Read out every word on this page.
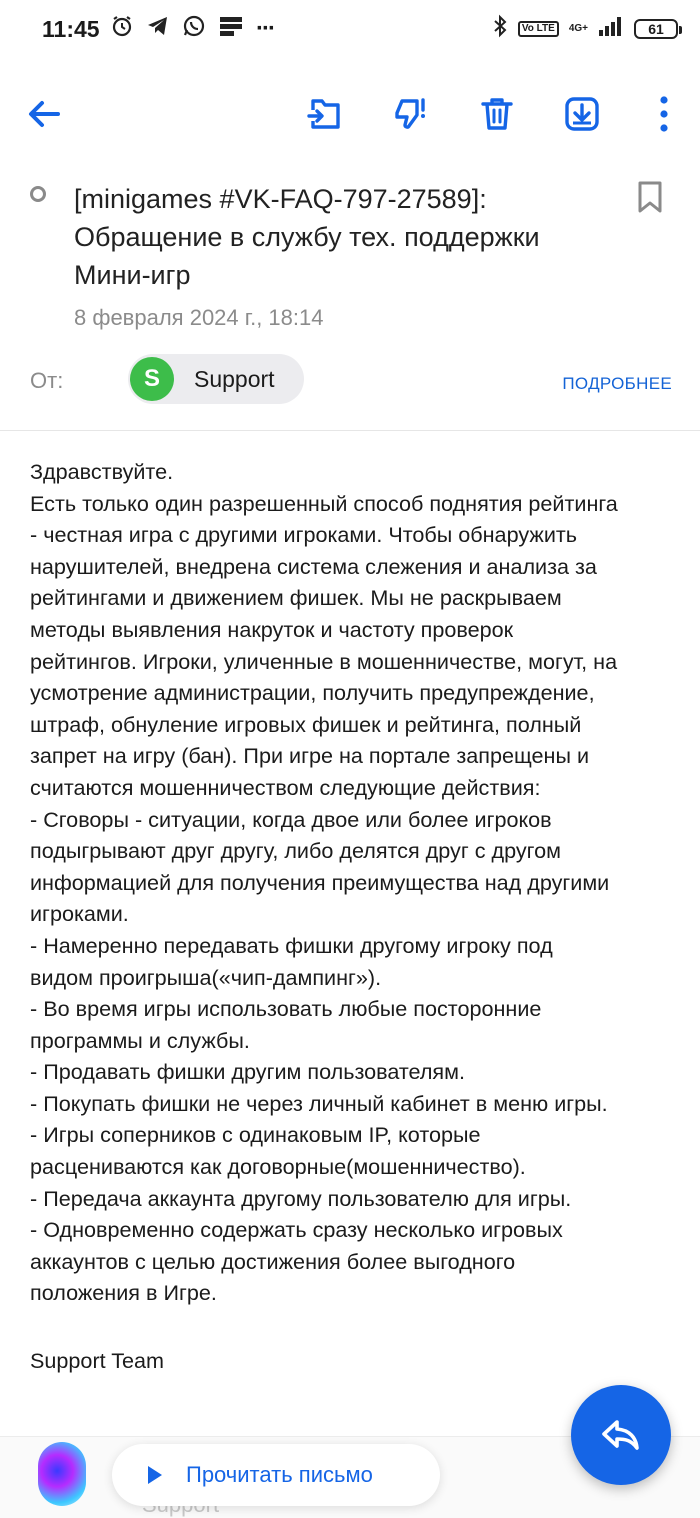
11:45	···	Vo LTE	4G+	61
[minigames #VK-FAQ-797-27589]: Обращение в службу тех. поддержки Мини-игр
8 февраля 2024 г., 18:14
От:	S	Support	ПОДРОБНЕЕ

Здравствуйте.

Есть только один разрешенный способ поднятия рейтинга

- честная игра с другими игроками. Чтобы обнаружить

нарушителей, внедрена система слежения и анализа за

рейтингами и движением фишек. Мы не раскрываем

методы выявления накруток и частоту проверок

рейтингов. Игроки, уличенные в мошенничестве, могут, на

усмотрение администрации, получить предупреждение,

штраф, обнуление игровых фишек и рейтинга, полный

запрет на игру (бан). При игре на портале запрещены и

считаются мошенничеством следующие действия:

- Сговоры - ситуации, когда двое или более игроков

подыгрывают друг другу, либо делятся друг с другом

информацией для получения преимущества над другими

игроками.

- Намеренно передавать фишки другому игроку под

видом проигрыша(«чип-дампинг»).

- Во время игры использовать любые посторонние

программы и службы.

- Продавать фишки другим пользователям.

- Покупать фишки не через личный кабинет в меню игры.

- Игры соперников с одинаковым IP, которые

расцениваются как договорные(мошенничество).

- Передача аккаунта другому пользователю для игры.

- Одновременно содержать сразу несколько игровых

аккаунтов с целью достижения более выгодного

положения в Игре.

Support Team
Прочитать письмо
